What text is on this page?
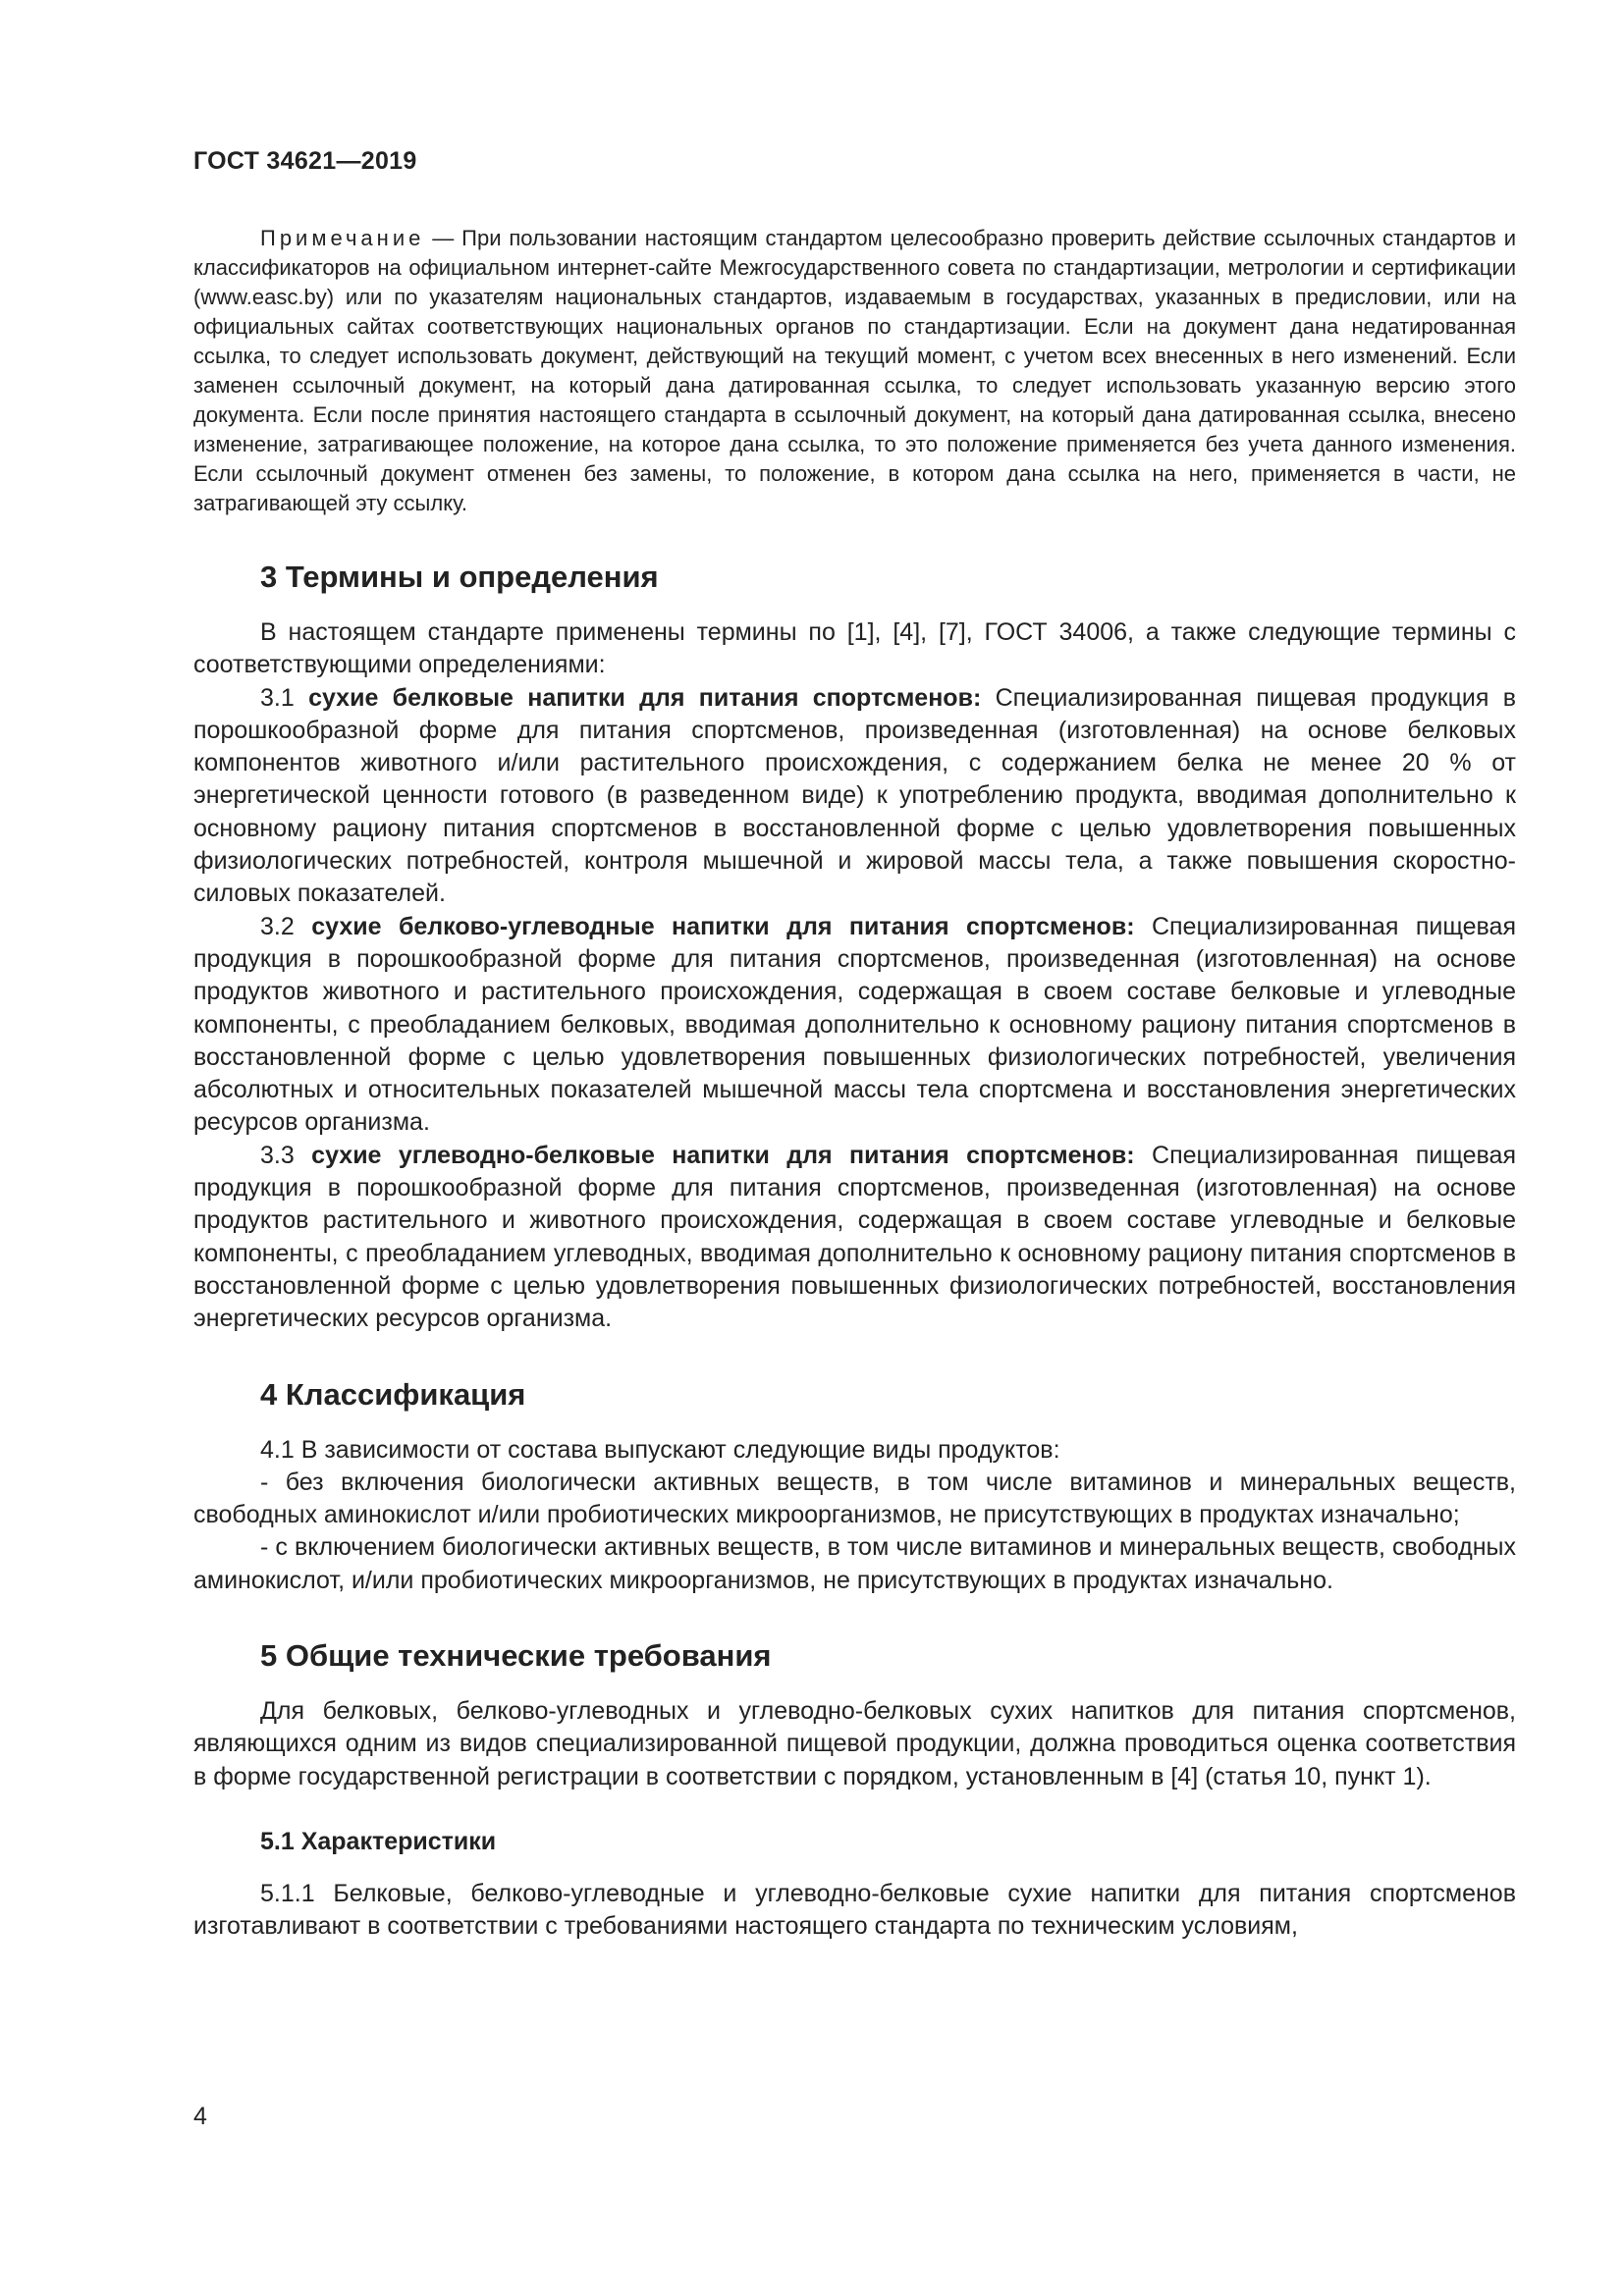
ГОСТ 34621—2019

Примечание — При пользовании настоящим стандартом целесообразно проверить действие ссылочных стандартов и классификаторов на официальном интернет-сайте Межгосударственного совета по стандартизации, метрологии и сертификации (www.easc.by) или по указателям национальных стандартов, издаваемым в государствах, указанных в предисловии, или на официальных сайтах соответствующих национальных органов по стандартизации. Если на документ дана недатированная ссылка, то следует использовать документ, действующий на текущий момент, с учетом всех внесенных в него изменений. Если заменен ссылочный документ, на который дана датированная ссылка, то следует использовать указанную версию этого документа. Если после принятия настоящего стандарта в ссылочный документ, на который дана датированная ссылка, внесено изменение, затрагивающее положение, на которое дана ссылка, то это положение применяется без учета данного изменения. Если ссылочный документ отменен без замены, то положение, в котором дана ссылка на него, применяется в части, не затрагивающей эту ссылку.

3 Термины и определения

В настоящем стандарте применены термины по [1], [4], [7], ГОСТ 34006, а также следующие термины с соответствующими определениями:

3.1 сухие белковые напитки для питания спортсменов: Специализированная пищевая продукция в порошкообразной форме для питания спортсменов, произведенная (изготовленная) на основе белковых компонентов животного и/или растительного происхождения, с содержанием белка не менее 20 % от энергетической ценности готового (в разведенном виде) к употреблению продукта, вводимая дополнительно к основному рациону питания спортсменов в восстановленной форме с целью удовлетворения повышенных физиологических потребностей, контроля мышечной и жировой массы тела, а также повышения скоростно-силовых показателей.

3.2 сухие белково-углеводные напитки для питания спортсменов: Специализированная пищевая продукция в порошкообразной форме для питания спортсменов, произведенная (изготовленная) на основе продуктов животного и растительного происхождения, содержащая в своем составе белковые и углеводные компоненты, с преобладанием белковых, вводимая дополнительно к основному рациону питания спортсменов в восстановленной форме с целью удовлетворения повышенных физиологических потребностей, увеличения абсолютных и относительных показателей мышечной массы тела спортсмена и восстановления энергетических ресурсов организма.

3.3 сухие углеводно-белковые напитки для питания спортсменов: Специализированная пищевая продукция в порошкообразной форме для питания спортсменов, произведенная (изготовленная) на основе продуктов растительного и животного происхождения, содержащая в своем составе углеводные и белковые компоненты, с преобладанием углеводных, вводимая дополнительно к основному рациону питания спортсменов в восстановленной форме с целью удовлетворения повышенных физиологических потребностей, восстановления энергетических ресурсов организма.

4 Классификация

4.1 В зависимости от состава выпускают следующие виды продуктов:

- без включения биологически активных веществ, в том числе витаминов и минеральных веществ, свободных аминокислот и/или пробиотических микроорганизмов, не присутствующих в продуктах изначально;

- с включением биологически активных веществ, в том числе витаминов и минеральных веществ, свободных аминокислот, и/или пробиотических микроорганизмов, не присутствующих в продуктах изначально.

5 Общие технические требования

Для белковых, белково-углеводных и углеводно-белковых сухих напитков для питания спортсменов, являющихся одним из видов специализированной пищевой продукции, должна проводиться оценка соответствия в форме государственной регистрации в соответствии с порядком, установленным в [4] (статья 10, пункт 1).

5.1 Характеристики

5.1.1 Белковые, белково-углеводные и углеводно-белковые сухие напитки для питания спортсменов изготавливают в соответствии с требованиями настоящего стандарта по техническим условиям,

4
